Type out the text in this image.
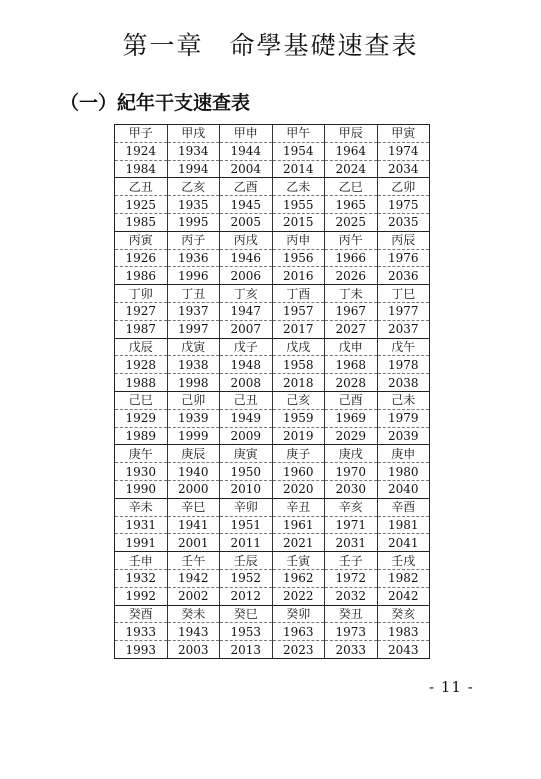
第一章 命學基礎速查表
（一）紀年干支速查表
甲子
1924
1984
甲戌
1934
1994
甲申
1944
2004
甲午
1954
2014
甲辰
1964
2024
甲寅
1974
2034
乙丑
1925
1985
乙亥
1935
1995
乙酉
1945
2005
乙未
1955
2015
乙巳
1965
2025
乙卯
1975
2035
丙寅
1926
1986
丙子
1936
1996
丙戌
1946
2006
丙申
1956
2016
丙午
1966
2026
丙辰
1976
2036
丁卯
1927
1987
丁丑
1937
1997
丁亥
1947
2007
丁酉
1957
2017
丁未
1967
2027
丁巳
1977
2037
戊辰
1928
1988
戊寅
1938
1998
戊子
1948
2008
戊戌
1958
2018
戊申
1968
2028
戊午
1978
2038
己巳
1929
1989
己卯
1939
1999
己丑
1949
2009
己亥
1959
2019
己酉
1969
2029
己未
1979
2039
庚午
1930
1990
庚辰
1940
2000
庚寅
1950
2010
庚子
1960
2020
庚戌
1970
2030
庚申
1980
2040
辛未
1931
1991
辛巳
1941
2001
辛卯
1951
2011
辛丑
1961
2021
辛亥
1971
2031
辛酉
1981
2041
壬申
1932
1992
壬午
1942
2002
壬辰
1952
2012
壬寅
1962
2022
壬子
1972
2032
壬戌
1982
2042
癸酉
1933
1993
癸未
1943
2003
癸巳
1953
2013
癸卯
1963
2023
癸丑
1973
2033
癸亥
1983
2043
- 11 -
